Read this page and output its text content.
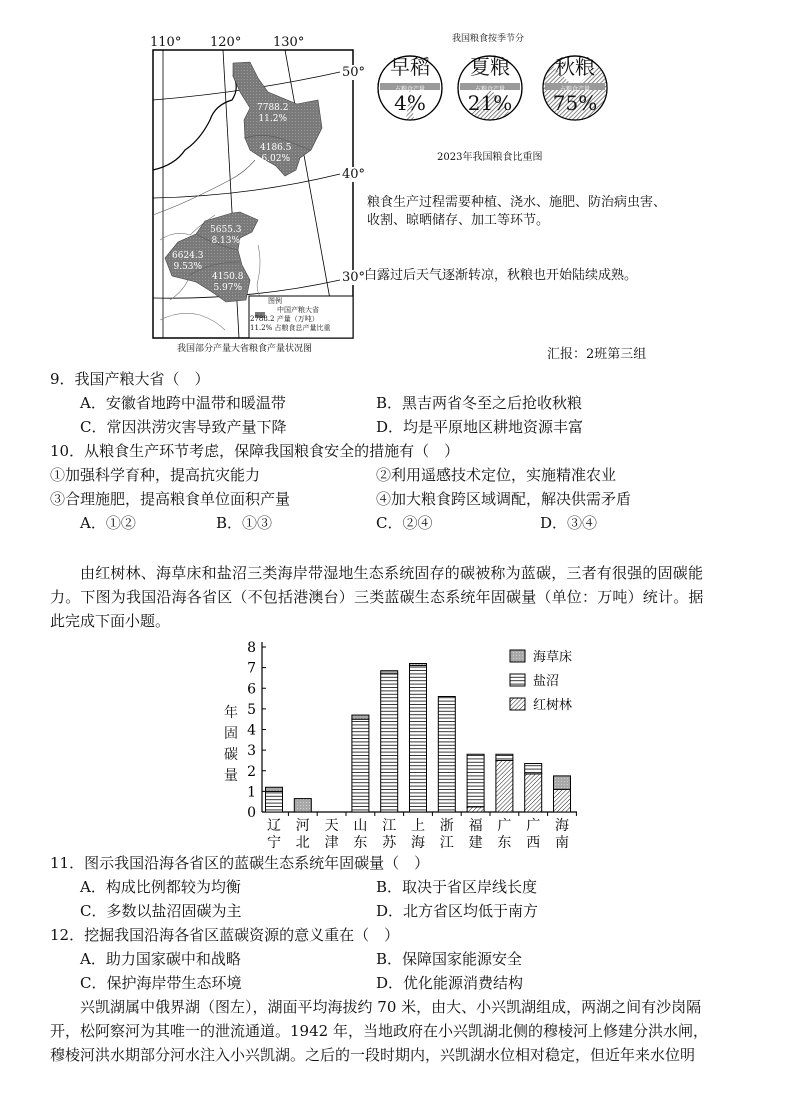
110° 120° 130°
50°
40°
30°
7788.2
11.2%
4186.5
6.02%
5655.3
8.13%
6624.3
9.53%
4150.8
5.97%
图例
中国产粮大省
2788.2 产量（万吨）
11.2% 占粮食总产量比重
我国部分产量大省粮食产量状况图
我国粮食按季节分
早稻
占粮食产量
4%
夏粮
占粮食产量
21%
秋粮
占粮食产量
75%
2023年我国粮食比重图
粮食生产过程需要种植、浇水、施肥、防治病虫害、
收割、晾晒储存、加工等环节。
白露过后天气逐渐转凉，秋粮也开始陆续成熟。
汇报：2班第三组
9．我国产粮大省（　）
A．安徽省地跨中温带和暖温带	B．黑吉两省冬至之后抢收秋粮
C．常因洪涝灾害导致产量下降	D．均是平原地区耕地资源丰富
10．从粮食生产环节考虑，保障我国粮食安全的措施有（　）
①加强科学育种，提高抗灾能力	②利用遥感技术定位，实施精准农业
③合理施肥，提高粮食单位面积产量	④加大粮食跨区域调配，解决供需矛盾
A．①②	B．①③	C．②④	D．③④
由红树林、海草床和盐沼三类海岸带湿地生态系统固存的碳被称为蓝碳，三者有很强的固碳能
力。下图为我国沿海各省区（不包括港澳台）三类蓝碳生态系统年固碳量（单位：万吨）统计。据
此完成下面小题。
0
1
2
3
4
5
6
7
8
辽宁
河北
天津
山东
江苏
上海
浙江
福建
广东
广西
海南
海草床
盐沼
红树林
年固碳量
11．图示我国沿海各省区的蓝碳生态系统年固碳量（　）
A．构成比例都较为均衡	B．取决于省区岸线长度
C．多数以盐沼固碳为主	D．北方省区均低于南方
12．挖掘我国沿海各省区蓝碳资源的意义重在（　）
A．助力国家碳中和战略	B．保障国家能源安全
C．保护海岸带生态环境	D．优化能源消费结构
兴凯湖属中俄界湖（图左），湖面平均海拔约 70 米，由大、小兴凯湖组成，两湖之间有沙岗隔
开，松阿察河为其唯一的泄流通道。1942 年，当地政府在小兴凯湖北侧的穆棱河上修建分洪水闸，
穆棱河洪水期部分河水注入小兴凯湖。之后的一段时期内，兴凯湖水位相对稳定，但近年来水位明
